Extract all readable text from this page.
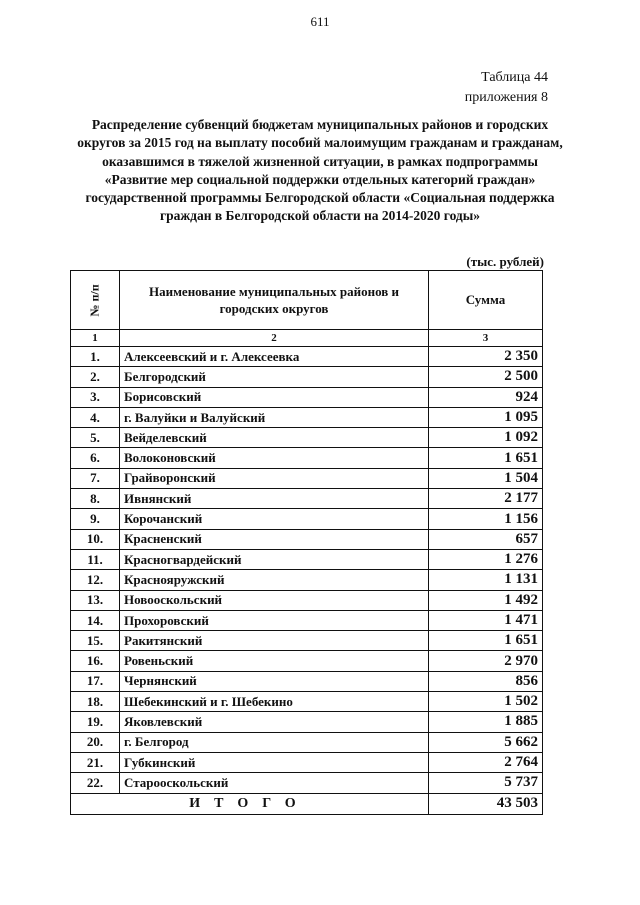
611
Таблица 44
приложения 8
Распределение субвенций бюджетам муниципальных районов и городских округов за 2015 год на выплату пособий малоимущим гражданам и гражданам, оказавшимся в тяжелой жизненной ситуации, в рамках подпрограммы «Развитие мер социальной поддержки отдельных категорий граждан» государственной программы Белгородской области «Социальная поддержка граждан в Белгородской области на 2014-2020 годы»
(тыс. рублей)
№ п/п	Наименование муниципальных районов и городских округов	Сумма
1	2	3
1.	Алексеевский и г. Алексеевка	2 350
2.	Белгородский	2 500
3.	Борисовский	924
4.	г. Валуйки и Валуйский	1 095
5.	Вейделевский	1 092
6.	Волоконовский	1 651
7.	Грайворонский	1 504
8.	Ивнянский	2 177
9.	Корочанский	1 156
10.	Красненский	657
11.	Красногвардейский	1 276
12.	Краснояружский	1 131
13.	Новооскольский	1 492
14.	Прохоровский	1 471
15.	Ракитянский	1 651
16.	Ровеньский	2 970
17.	Чернянский	856
18.	Шебекинский и г. Шебекино	1 502
19.	Яковлевский	1 885
20.	г. Белгород	5 662
21.	Губкинский	2 764
22.	Старооскольский	5 737
ИТОГО		43 503
